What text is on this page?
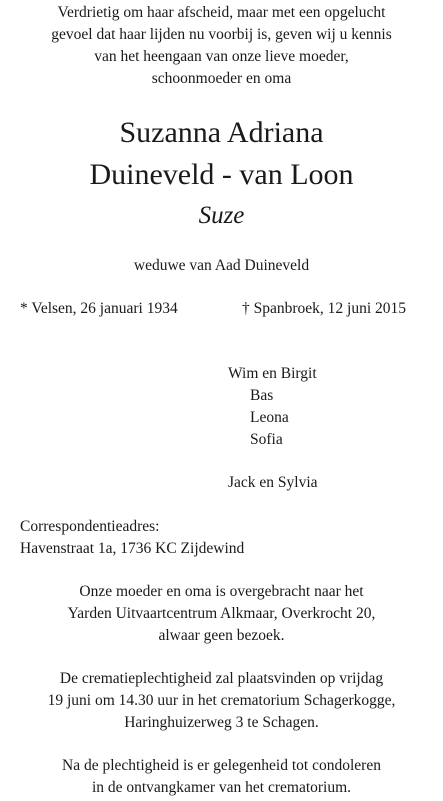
Verdrietig om haar afscheid, maar met een opgelucht
gevoel dat haar lijden nu voorbij is, geven wij u kennis
van het heengaan van onze lieve moeder,
schoonmoeder en oma
Suzanna Adriana
Duineveld - van Loon
Suze
weduwe van Aad Duineveld
* Velsen, 26 januari 1934	† Spanbroek, 12 juni 2015
Wim en Birgit
Bas
Leona
Sofia
Jack en Sylvia
Correspondentieadres:
Havenstraat 1a, 1736 KC Zijdewind
Onze moeder en oma is overgebracht naar het
Yarden Uitvaartcentrum Alkmaar, Overkrocht 20,
alwaar geen bezoek.
De crematieplechtigheid zal plaatsvinden op vrijdag
19 juni om 14.30 uur in het crematorium Schagerkogge,
Haringhuizerweg 3 te Schagen.
Na de plechtigheid is er gelegenheid tot condoleren
in de ontvangkamer van het crematorium.
